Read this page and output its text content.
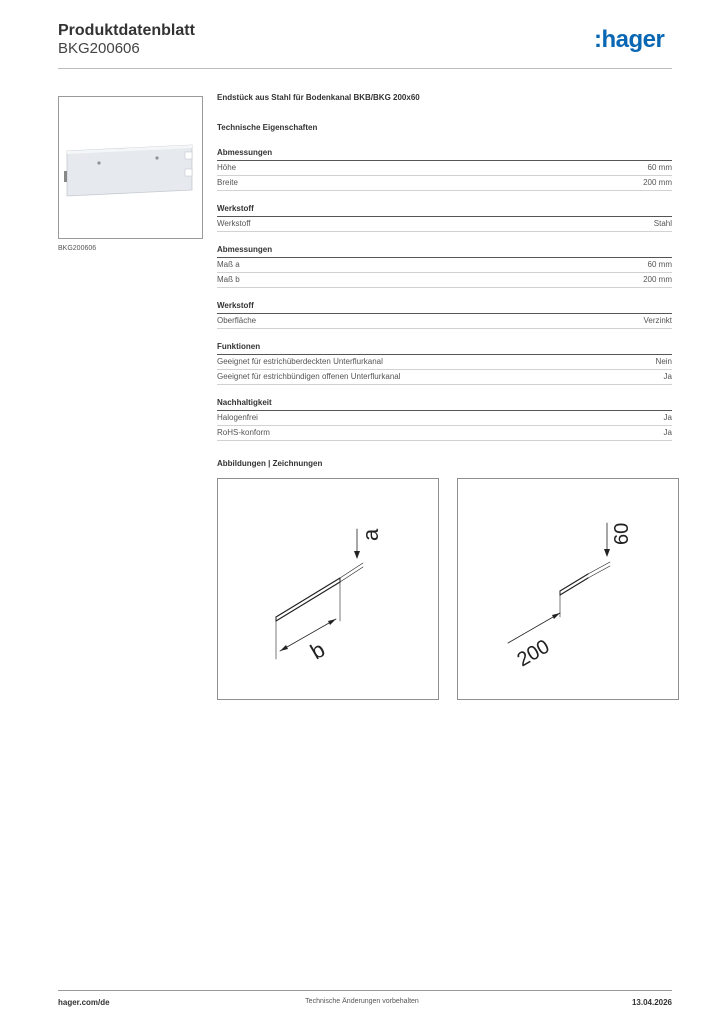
Produktdatenblatt
BKG200606	:hager
BKG200606
Endstück aus Stahl für Bodenkanal BKB/BKG 200x60
Technische Eigenschaften
Abmessungen
Höhe	60 mm
Breite	200 mm
Werkstoff
Werkstoff	Stahl
Abmessungen
Maß a	60 mm
Maß b	200 mm
Werkstoff
Oberfläche	Verzinkt
Funktionen
Geeignet für estrichüberdeckten Unterflurkanal	Nein
Geeignet für estrichbündigen offenen Unterflurkanal	Ja
Nachhaltigkeit
Halogenfrei	Ja
RoHS-konform	Ja
Abbildungen | Zeichnungen
b
a
200
60
hager.com/de	Technische Änderungen vorbehalten	13.04.2026
